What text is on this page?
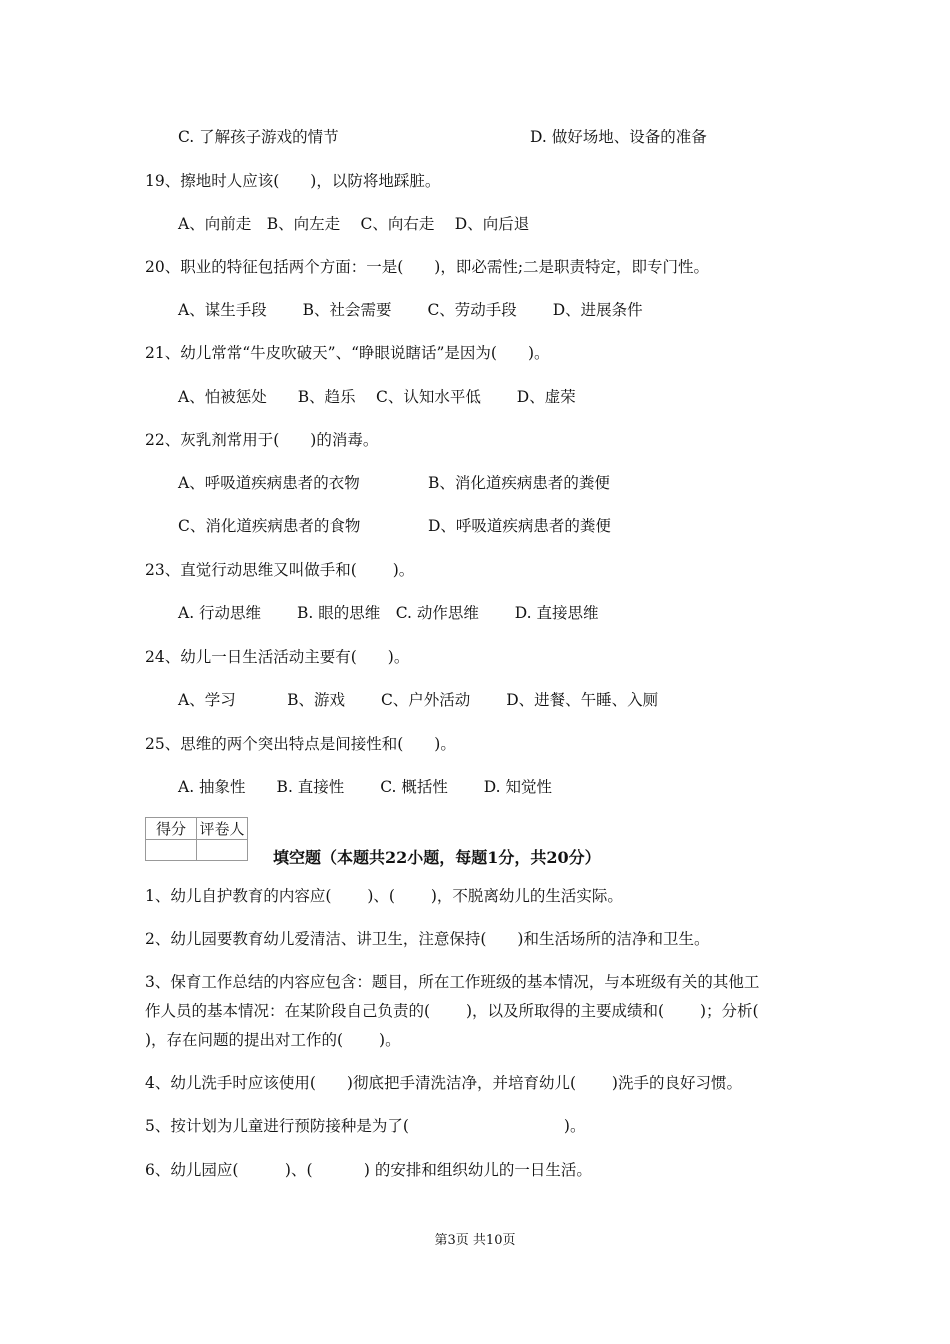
C. 了解孩子游戏的情节	D. 做好场地、设备的准备
19、擦地时人应该(　　)，以防将地踩脏。
A、向前走　B、向左走　 C、向右走　 D、向后退
20、职业的特征包括两个方面：一是(　　)，即必需性;二是职责特定，即专门性。
A、谋生手段　　 B、社会需要　　 C、劳动手段　　 D、进展条件
21、幼儿常常“牛皮吹破天”、“睁眼说瞎话”是因为(　　)。
A、怕被惩处　　B、趋乐　 C、认知水平低　　 D、虚荣
22、灰乳剂常用于(　　)的消毒。
A、呼吸道疾病患者的衣物	B、消化道疾病患者的粪便
C、消化道疾病患者的食物	D、呼吸道疾病患者的粪便
23、直觉行动思维又叫做手和(　　 )。
A. 行动思维　　 B. 眼的思维　C. 动作思维　　 D. 直接思维
24、幼儿一日生活活动主要有(　　)。
A、学习　　　 B、游戏　　 C、户外活动　　 D、进餐、午睡、入厕
25、思维的两个突出特点是间接性和(　　)。
A. 抽象性　　B. 直接性　　 C. 概括性　　 D. 知觉性
1、幼儿自护教育的内容应(　　 )、(　　 )，不脱离幼儿的生活实际。
2、幼儿园要教育幼儿爱清洁、讲卫生，注意保持(　　)和生活场所的洁净和卫生。
3、保育工作总结的内容应包含：题目，所在工作班级的基本情况，与本班级有关的其他工
作人员的基本情况：在某阶段自己负责的(　　 )，以及所取得的主要成绩和(　　 )；分析(
)，存在问题的提出对工作的(　　 )。
4、幼儿洗手时应该使用(　　)彻底把手清洗洁净，并培育幼儿(　　 )洗手的良好习惯。
5、按计划为儿童进行预防接种是为了(　　　　　　　　　　)。
6、幼儿园应(　　　)、(　　　 ) 的安排和组织幼儿的一日生活。
得分	评卷人

填空题（本题共22小题，每题1分，共20分）
第3页 共10页
